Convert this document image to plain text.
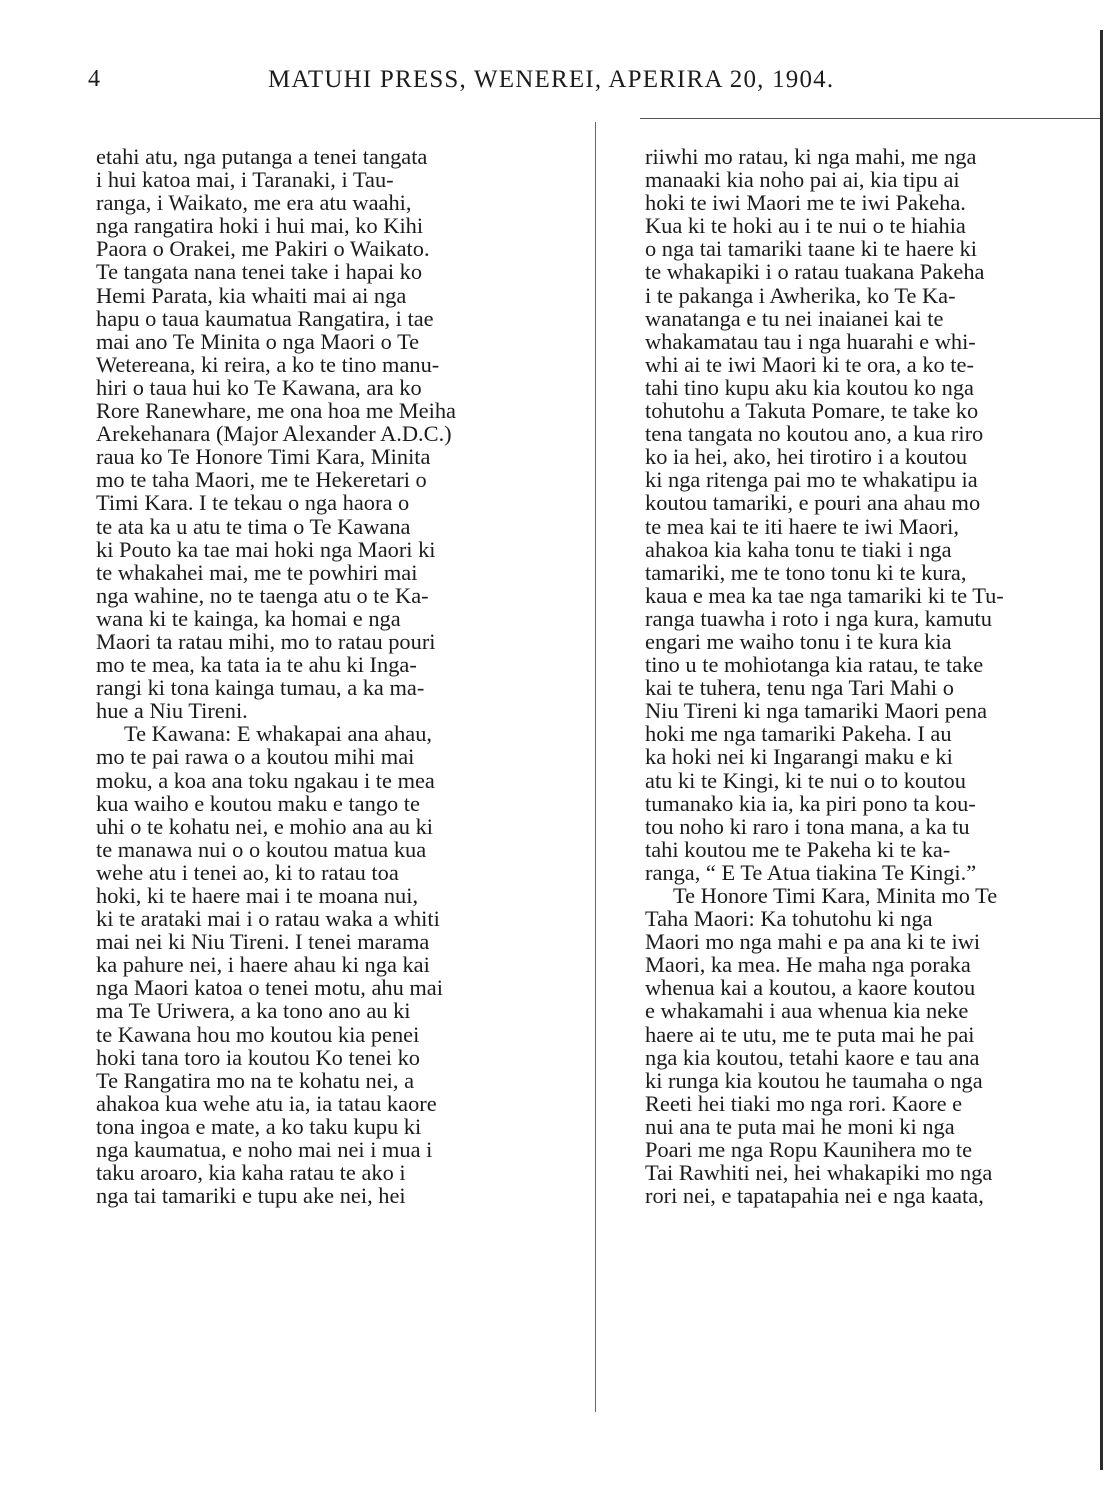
4	MATUHI PRESS, WENEREI, APERIRA 20, 1904.
etahi atu, nga putanga a tenei tangata
i hui katoa mai, i Taranaki, i Tau-
ranga, i Waikato, me era atu waahi,
nga rangatira hoki i hui mai, ko Kihi
Paora o Orakei, me Pakiri o Waikato.
Te tangata nana tenei take i hapai ko
Hemi Parata, kia whaiti mai ai nga
hapu o taua kaumatua Rangatira, i tae
mai ano Te Minita o nga Maori o Te
Wetereana, ki reira, a ko te tino manu-
hiri o taua hui ko Te Kawana, ara ko
Rore Ranewhare, me ona hoa me Meiha
Arekehanara (Major Alexander A.D.C.)
raua ko Te Honore Timi Kara, Minita
mo te taha Maori, me te Hekeretari o
Timi Kara. I te tekau o nga haora o
te ata ka u atu te tima o Te Kawana
ki Pouto ka tae mai hoki nga Maori ki
te whakahei mai, me te powhiri mai
nga wahine, no te taenga atu o te Ka-
wana ki te kainga, ka homai e nga
Maori ta ratau mihi, mo to ratau pouri
mo te mea, ka tata ia te ahu ki Inga-
rangi ki tona kainga tumau, a ka ma-
hue a Niu Tireni.
Te Kawana: E whakapai ana ahau,
mo te pai rawa o a koutou mihi mai
moku, a koa ana toku ngakau i te mea
kua waiho e koutou maku e tango te
uhi o te kohatu nei, e mohio ana au ki
te manawa nui o o koutou matua kua
wehe atu i tenei ao, ki to ratau toa
hoki, ki te haere mai i te moana nui,
ki te arataki mai i o ratau waka a whiti
mai nei ki Niu Tireni. I tenei marama
ka pahure nei, i haere ahau ki nga kai
nga Maori katoa o tenei motu, ahu mai
ma Te Uriwera, a ka tono ano au ki
te Kawana hou mo koutou kia penei
hoki tana toro ia koutou Ko tenei ko
Te Rangatira mo na te kohatu nei, a
ahakoa kua wehe atu ia, ia tatau kaore
tona ingoa e mate, a ko taku kupu ki
nga kaumatua, e noho mai nei i mua i
taku aroaro, kia kaha ratau te ako i
nga tai tamariki e tupu ake nei, hei
riiwhi mo ratau, ki nga mahi, me nga
manaaki kia noho pai ai, kia tipu ai
hoki te iwi Maori me te iwi Pakeha.
Kua ki te hoki au i te nui o te hiahia
o nga tai tamariki taane ki te haere ki
te whakapiki i o ratau tuakana Pakeha
i te pakanga i Awherika, ko Te Ka-
wanatanga e tu nei inaianei kai te
whakamatau tau i nga huarahi e whi-
whi ai te iwi Maori ki te ora, a ko te-
tahi tino kupu aku kia koutou ko nga
tohutohu a Takuta Pomare, te take ko
tena tangata no koutou ano, a kua riro
ko ia hei, ako, hei tirotiro i a koutou
ki nga ritenga pai mo te whakatipu ia
koutou tamariki, e pouri ana ahau mo
te mea kai te iti haere te iwi Maori,
ahakoa kia kaha tonu te tiaki i nga
tamariki, me te tono tonu ki te kura,
kaua e mea ka tae nga tamariki ki te Tu-
ranga tuawha i roto i nga kura, kamutu
engari me waiho tonu i te kura kia
tino u te mohiotanga kia ratau, te take
kai te tuhera, tenu nga Tari Mahi o
Niu Tireni ki nga tamariki Maori pena
hoki me nga tamariki Pakeha. I au
ka hoki nei ki Ingarangi maku e ki
atu ki te Kingi, ki te nui o to koutou
tumanako kia ia, ka piri pono ta kou-
tou noho ki raro i tona mana, a ka tu
tahi koutou me te Pakeha ki te ka-
ranga, “ E Te Atua tiakina Te Kingi.”
Te Honore Timi Kara, Minita mo Te
Taha Maori: Ka tohutohu ki nga
Maori mo nga mahi e pa ana ki te iwi
Maori, ka mea. He maha nga poraka
whenua kai a koutou, a kaore koutou
e whakamahi i aua whenua kia neke
haere ai te utu, me te puta mai he pai
nga kia koutou, tetahi kaore e tau ana
ki runga kia koutou he taumaha o nga
Reeti hei tiaki mo nga rori. Kaore e
nui ana te puta mai he moni ki nga
Poari me nga Ropu Kaunihera mo te
Tai Rawhiti nei, hei whakapiki mo nga
rori nei, e tapatapahia nei e nga kaata,
